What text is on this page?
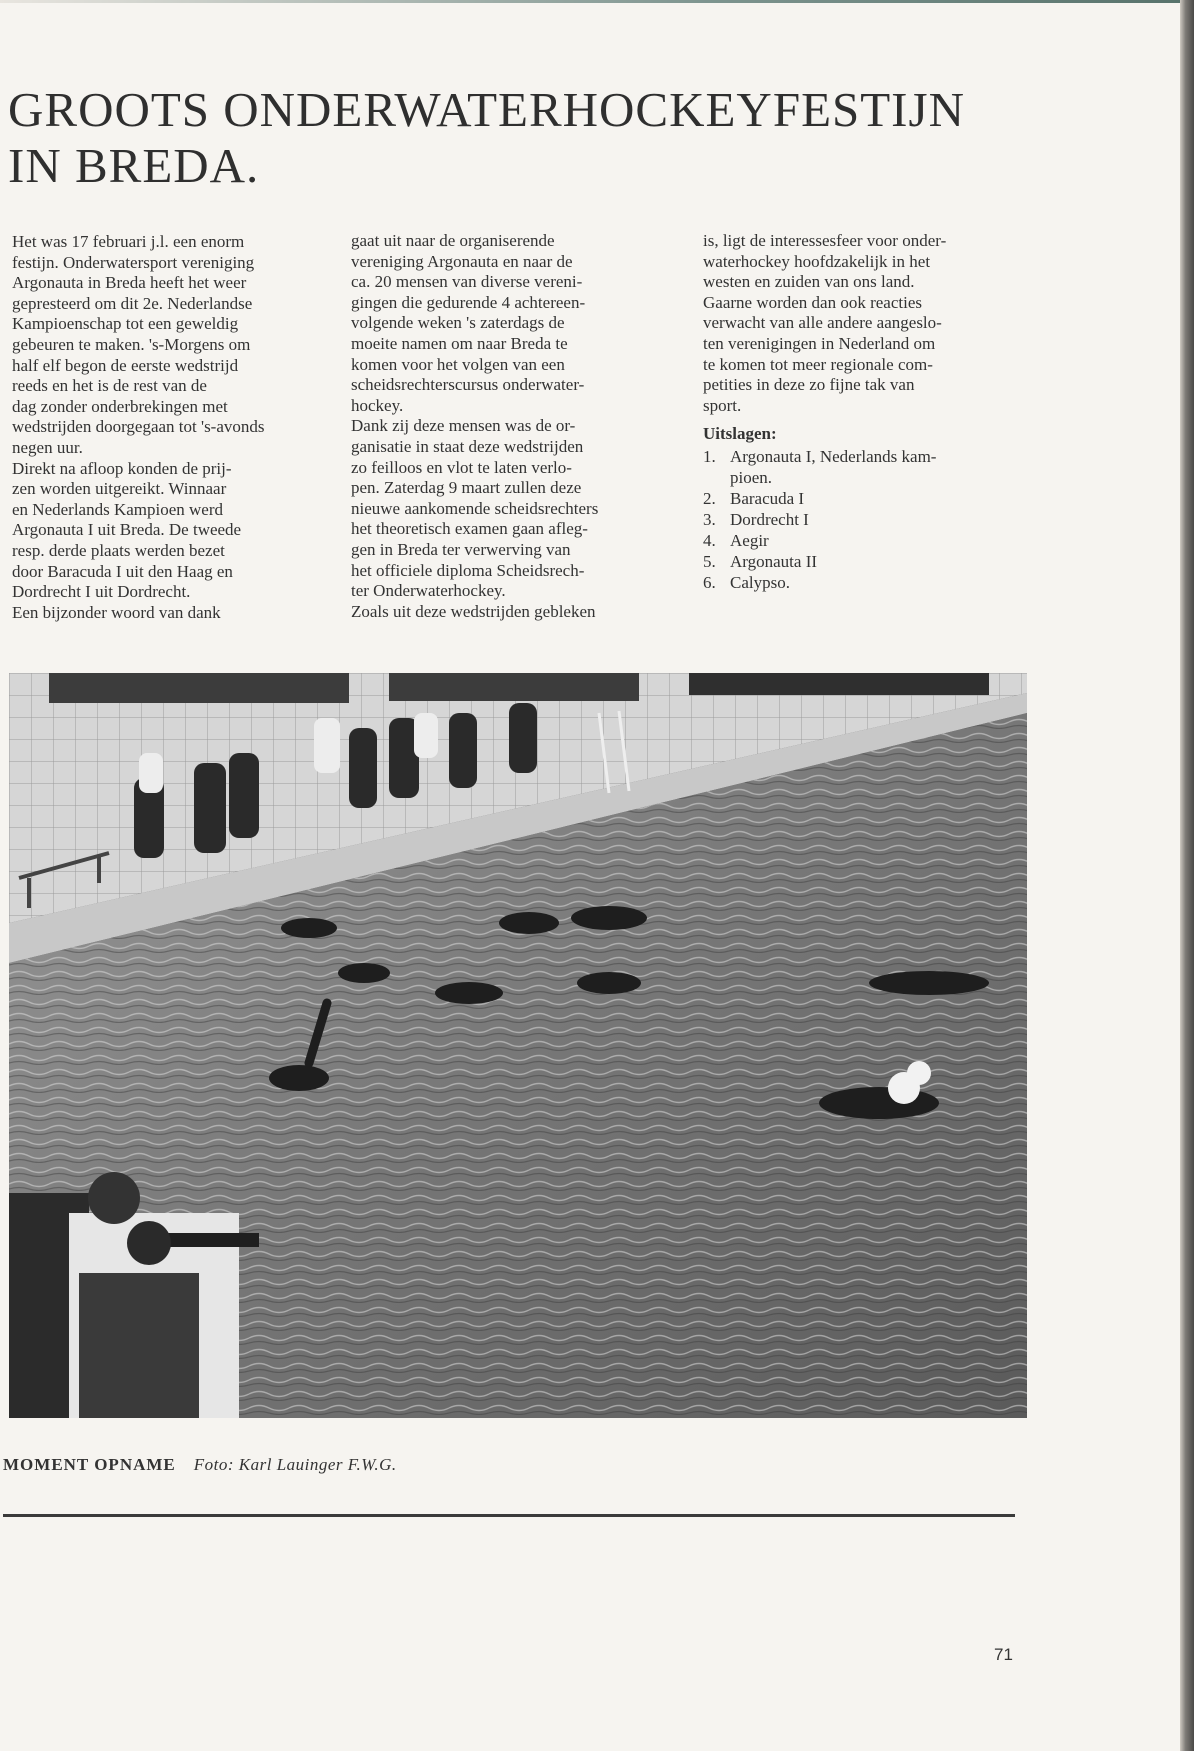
GROOTS ONDERWATERHOCKEYFESTIJN
IN BREDA.

Het was 17 februari j.l. een enorm
festijn. Onderwatersport vereniging
Argonauta in Breda heeft het weer
gepresteerd om dit 2e. Nederlandse
Kampioenschap tot een geweldig
gebeuren te maken. 's-Morgens om
half elf begon de eerste wedstrijd
reeds en het is de rest van de
dag zonder onderbrekingen met
wedstrijden doorgegaan tot 's-avonds
negen uur.
Direkt na afloop konden de prij-
zen worden uitgereikt. Winnaar
en Nederlands Kampioen werd
Argonauta I uit Breda. De tweede
resp. derde plaats werden bezet
door Baracuda I uit den Haag en
Dordrecht I uit Dordrecht.
Een bijzonder woord van dank

gaat uit naar de organiserende
vereniging Argonauta en naar de
ca. 20 mensen van diverse vereni-
gingen die gedurende 4 achtereen-
volgende weken 's zaterdags de
moeite namen om naar Breda te
komen voor het volgen van een
scheidsrechterscursus onderwater-
hockey.
Dank zij deze mensen was de or-
ganisatie in staat deze wedstrijden
zo feilloos en vlot te laten verlo-
pen. Zaterdag 9 maart zullen deze
nieuwe aankomende scheidsrechters
het theoretisch examen gaan afleg-
gen in Breda ter verwerving van
het officiele diploma Scheidsrech-
ter Onderwaterhockey.
Zoals uit deze wedstrijden gebleken

is, ligt de interessesfeer voor onder-
waterhockey hoofdzakelijk in het
westen en zuiden van ons land.
Gaarne worden dan ook reacties
verwacht van alle andere aangeslo-
ten verenigingen in Nederland om
te komen tot meer regionale com-
petities in deze zo fijne tak van
sport.

Uitslagen:

1. Argonauta I, Nederlands kam-
pioen.
2. Baracuda I
3. Dordrecht I
4. Aegir
5. Argonauta II
6. Calypso.
MOMENT OPNAME Foto: Karl Lauinger F.W.G.
71
